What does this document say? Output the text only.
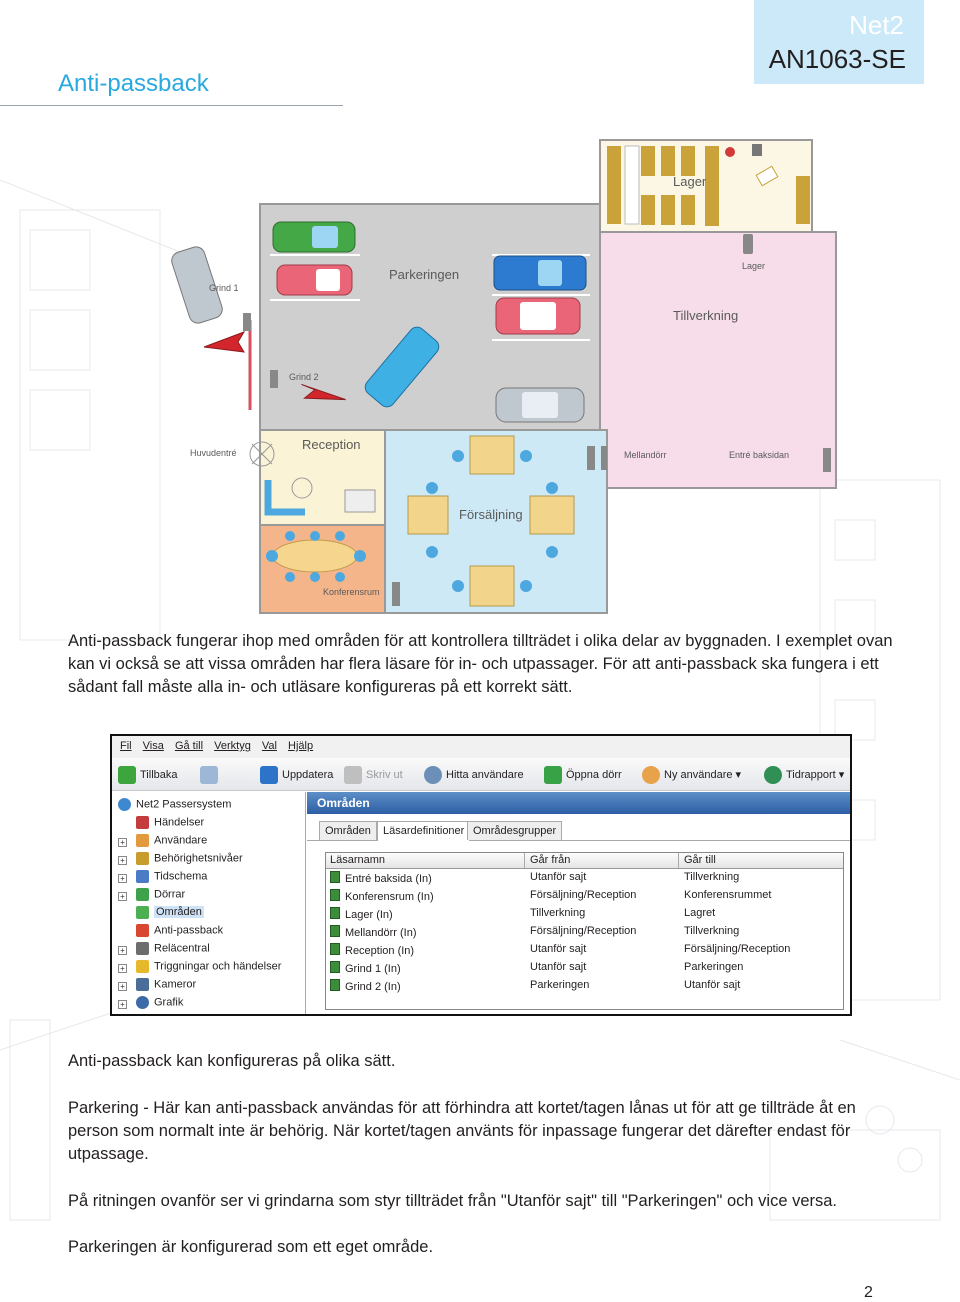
Anti-passback
Net2
AN1063-SE
Lager
Lager
Tillverkning
Parkeringen
Grind 1
Grind 2
Huvudentré
Reception
Mellandörr	Entré baksidan
Försäljning
Konferensrum
Anti-passback fungerar ihop med områden för att kontrollera tillträdet i olika delar av byggnaden. I exemplet ovan kan vi också se att vissa områden har flera läsare för in- och utpassager. För att anti-passback ska fungera i ett sådant fall måste alla in- och utläsare konfigureras på ett korrekt sätt.
Fil Visa Gå till Verktyg Val Hjälp
Tillbaka	Uppdatera	Skriv ut	Hitta användare	Öppna dörr	Ny användare ▾	Tidrapport ▾
Net2 Passersystem
Händelser
+	Användare
+	Behörighetsnivåer
+	Tidschema
+	Dörrar
Områden
Anti-passback
+	Reläcentral
+	Triggningar och händelser
+	Kameror
+	Grafik
Områden
Områden	Läsardefinitioner Områdesgrupper
Läsarnamn	Går från	Går till
Entré baksida (In)	Utanför sajt	Tillverkning
Konferensrum (In)	Försäljning/Reception	Konferensrummet
Lager (In)	Tillverkning	Lagret
Mellandörr (In)	Försäljning/Reception	Tillverkning
Reception (In)	Utanför sajt	Försäljning/Reception
Grind 1 (In)	Utanför sajt	Parkeringen
Grind 2 (In)	Parkeringen	Utanför sajt
Anti-passback kan konfigureras på olika sätt.
Parkering - Här kan anti-passback användas för att förhindra att kortet/tagen lånas ut för att ge tillträde åt en person som normalt inte är behörig. När kortet/tagen använts för inpassage fungerar det därefter endast för utpassage.
På ritningen ovanför ser vi grindarna som styr tillträdet från "Utanför sajt" till "Parkeringen" och vice versa.
Parkeringen är konfigurerad som ett eget område.
2
